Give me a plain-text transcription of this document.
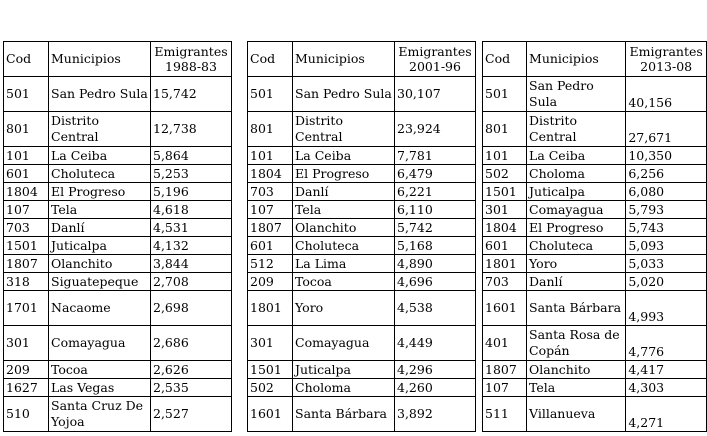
Cod	Municipios	Emigrantes
1988-83
501	San Pedro Sula	15,742
801	Distrito Central	12,738
101	La Ceiba	5,864
601	Choluteca	5,253
1804	El Progreso	5,196
107	Tela	4,618
703	Danlí	4,531
1501	Juticalpa	4,132
1807	Olanchito	3,844
318	Siguatepeque	2,708
1701	Nacaome	2,698
301	Comayagua	2,686
209	Tocoa	2,626
1627	Las Vegas	2,535
510	Santa Cruz De Yojoa	2,527
Cod	Municipios	Emigrantes
2001-96
501	San Pedro Sula	30,107
801	Distrito Central	23,924
101	La Ceiba	7,781
1804	El Progreso	6,479
703	Danlí	6,221
107	Tela	6,110
1807	Olanchito	5,742
601	Choluteca	5,168
512	La Lima	4,890
209	Tocoa	4,696
1801	Yoro	4,538
301	Comayagua	4,449
1501	Juticalpa	4,296
502	Choloma	4,260
1601	Santa Bárbara	3,892
Cod	Municipios	Emigrantes
2013-08
501	San Pedro Sula	40,156
801	Distrito Central	27,671
101	La Ceiba	10,350
502	Choloma	6,256
1501	Juticalpa	6,080
301	Comayagua	5,793
1804	El Progreso	5,743
601	Choluteca	5,093
1801	Yoro	5,033
703	Danlí	5,020
1601	Santa Bárbara	4,993
401	Santa Rosa de Copán	4,776
1807	Olanchito	4,417
107	Tela	4,303
511	Villanueva	4,271
